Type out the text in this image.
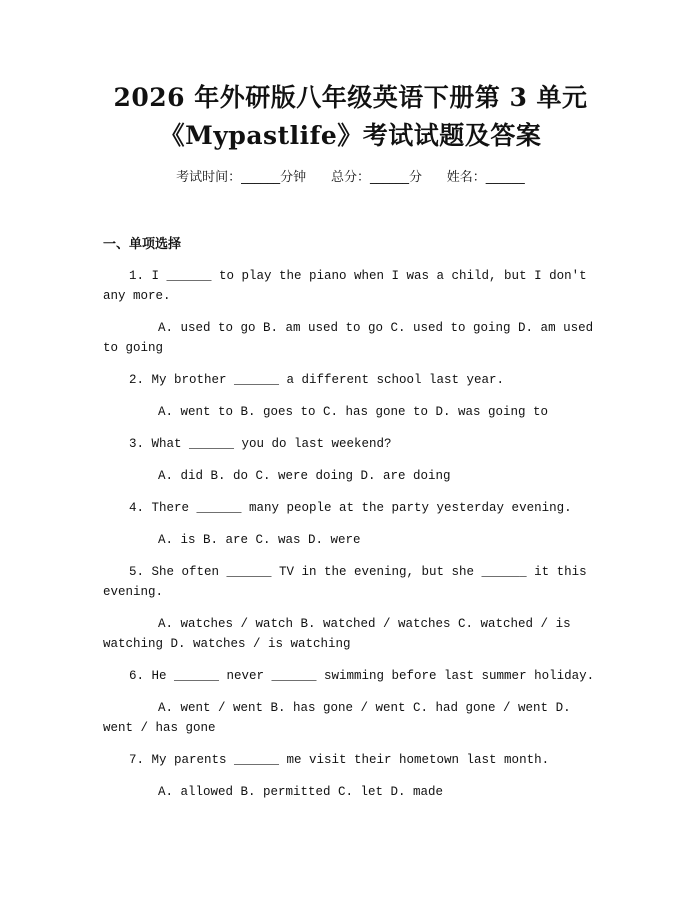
2026 年外研版八年级英语下册第 3 单元
《Mypastlife》考试试题及答案
考试时间：______分钟 总分：______分 姓名：______
一、单项选择

1. I ______ to play the piano when I was a child, but I don't any more.

A. used to go B. am used to go C. used to going D. am used to going

2. My brother ______ a different school last year.

A. went to B. goes to C. has gone to D. was going to

3. What ______ you do last weekend?

A. did B. do C. were doing D. are doing

4. There ______ many people at the party yesterday evening.

A. is B. are C. was D. were

5. She often ______ TV in the evening, but she ______ it this evening.

A. watches / watch B. watched / watches C. watched / is watching D. watches / is watching

6. He ______ never ______ swimming before last summer holiday.

A. went / went B. has gone / went C. had gone / went D. went / has gone

7. My parents ______ me visit their hometown last month.

A. allowed B. permitted C. let D. made
